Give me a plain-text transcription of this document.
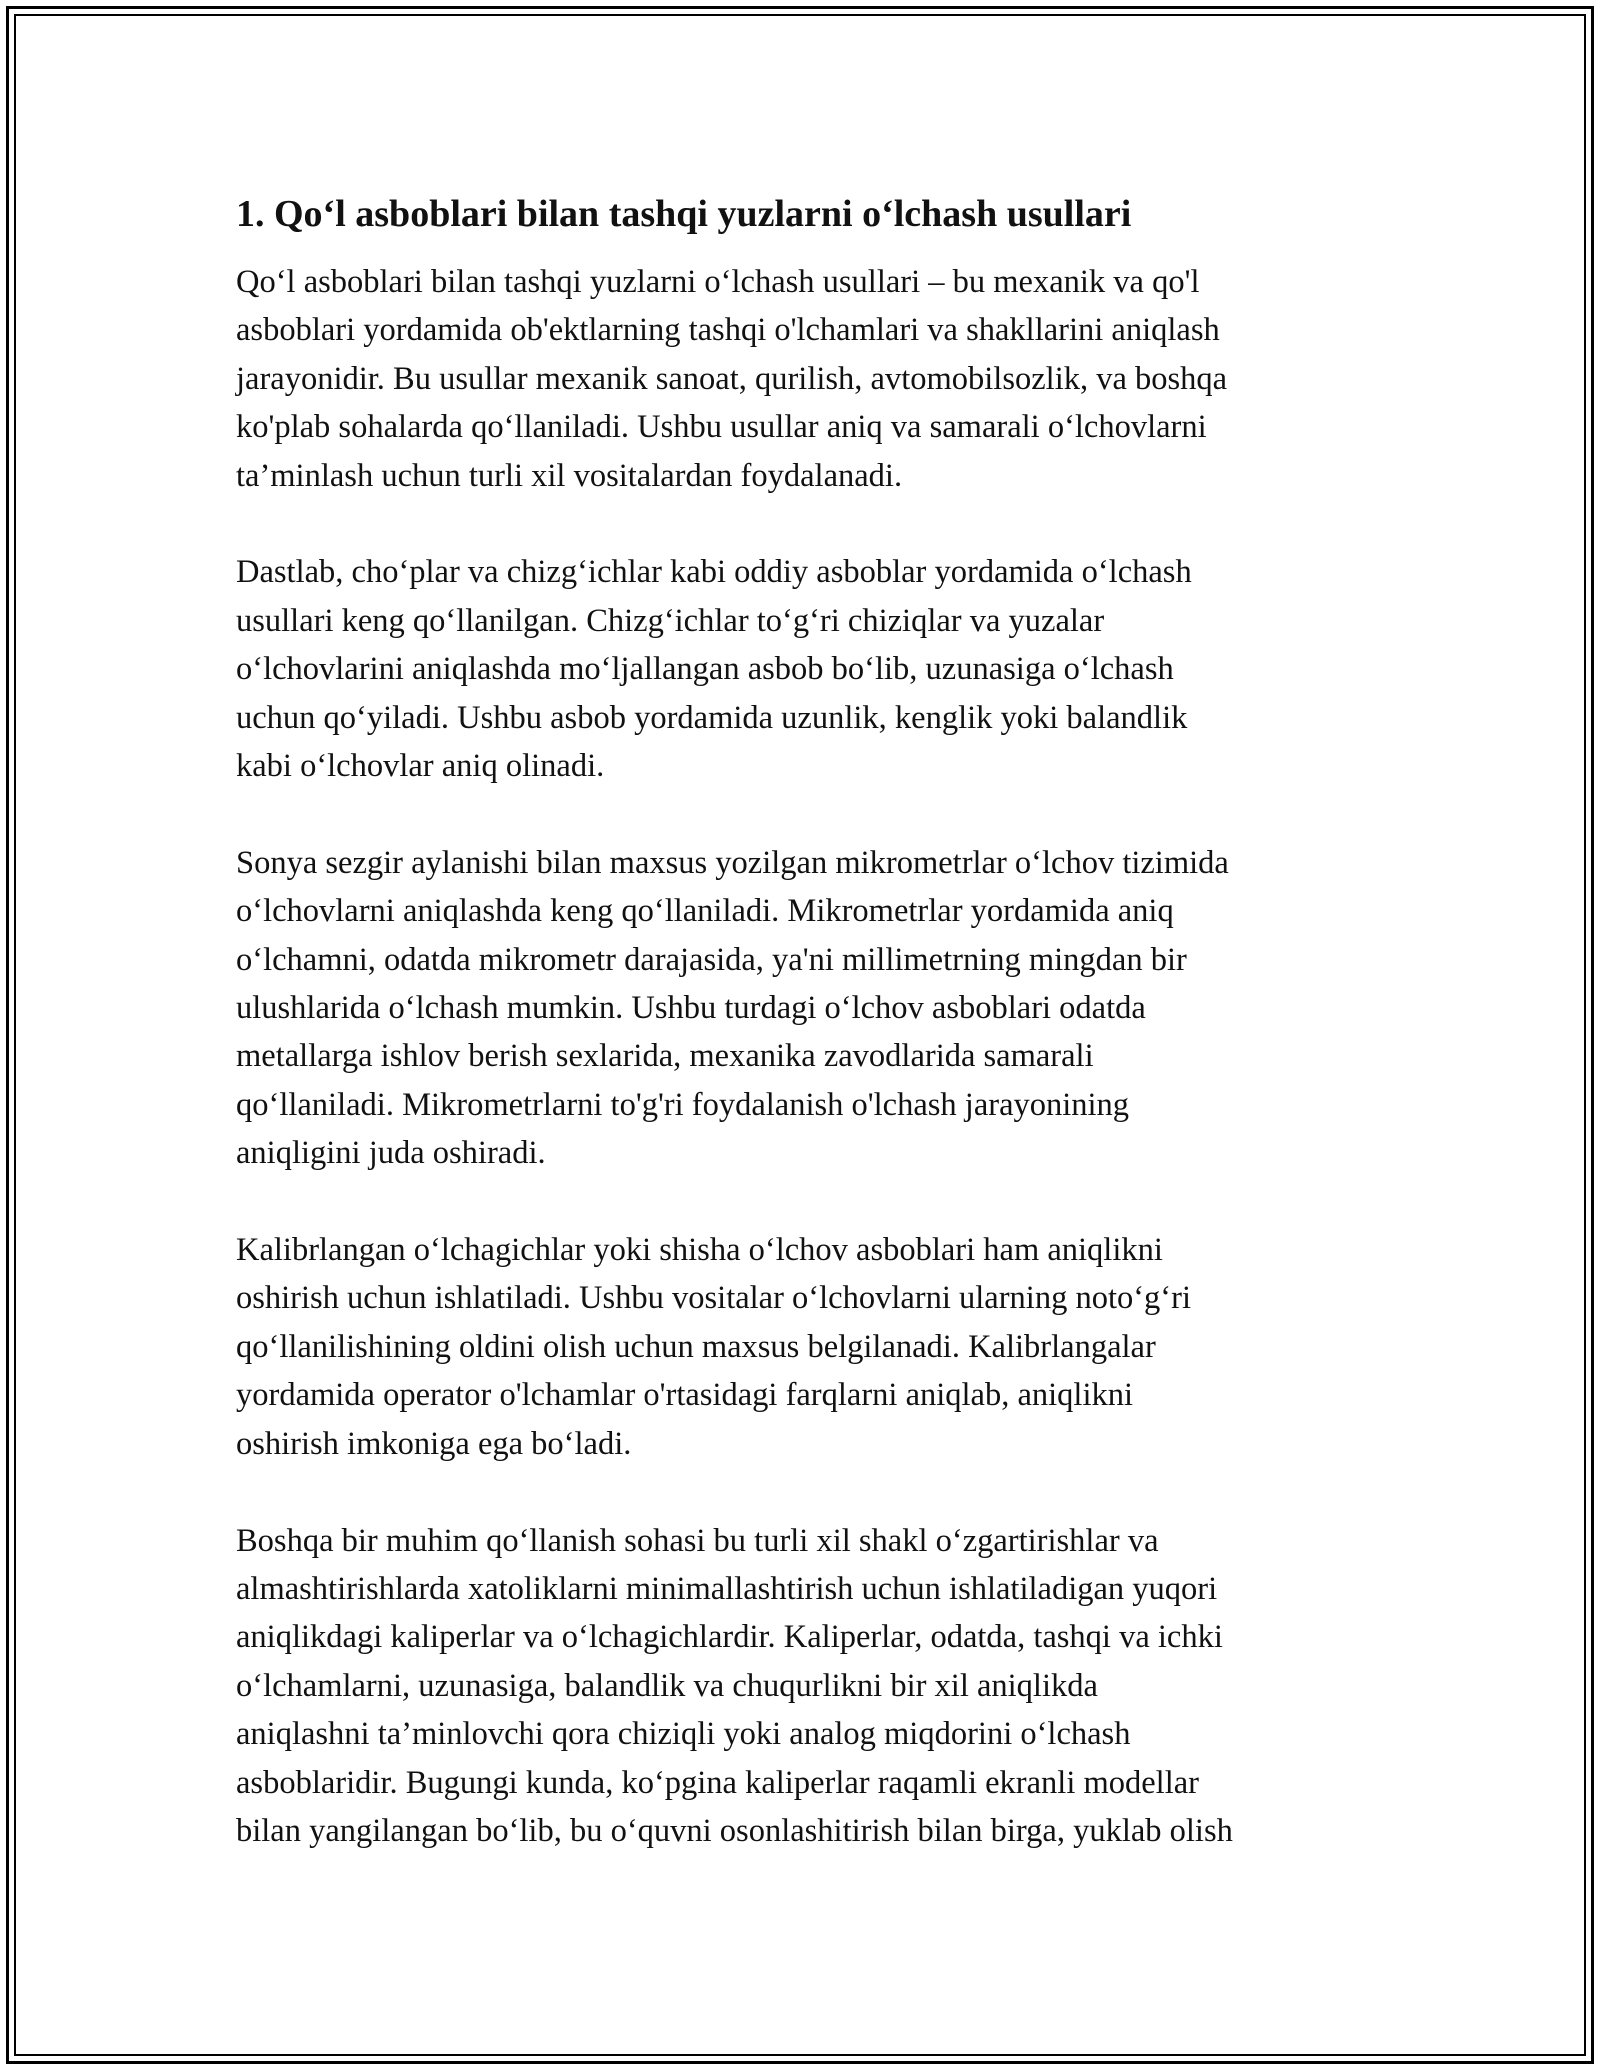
1. Qo‘l asboblari bilan tashqi yuzlarni o‘lchash usullari

Qo‘l asboblari bilan tashqi yuzlarni o‘lchash usullari – bu mexanik va qo'l
asboblari yordamida ob'ektlarning tashqi o'lchamlari va shakllarini aniqlash
jarayonidir. Bu usullar mexanik sanoat, qurilish, avtomobilsozlik, va boshqa
ko'plab sohalarda qo‘llaniladi. Ushbu usullar aniq va samarali o‘lchovlarni
ta’minlash uchun turli xil vositalardan foydalanadi.

Dastlab, cho‘plar va chizg‘ichlar kabi oddiy asboblar yordamida o‘lchash
usullari keng qo‘llanilgan. Chizg‘ichlar to‘g‘ri chiziqlar va yuzalar
o‘lchovlarini aniqlashda mo‘ljallangan asbob bo‘lib, uzunasiga o‘lchash
uchun qo‘yiladi. Ushbu asbob yordamida uzunlik, kenglik yoki balandlik
kabi o‘lchovlar aniq olinadi.

Sonya sezgir aylanishi bilan maxsus yozilgan mikrometrlar o‘lchov tizimida
o‘lchovlarni aniqlashda keng qo‘llaniladi. Mikrometrlar yordamida aniq
o‘lchamni, odatda mikrometr darajasida, ya'ni millimetrning mingdan bir
ulushlarida o‘lchash mumkin. Ushbu turdagi o‘lchov asboblari odatda
metallarga ishlov berish sexlarida, mexanika zavodlarida samarali
qo‘llaniladi. Mikrometrlarni to'g'ri foydalanish o'lchash jarayonining
aniqligini juda oshiradi.

Kalibrlangan o‘lchagichlar yoki shisha o‘lchov asboblari ham aniqlikni
oshirish uchun ishlatiladi. Ushbu vositalar o‘lchovlarni ularning noto‘g‘ri
qo‘llanilishining oldini olish uchun maxsus belgilanadi. Kalibrlangalar
yordamida operator o'lchamlar o'rtasidagi farqlarni aniqlab, aniqlikni
oshirish imkoniga ega bo‘ladi.

Boshqa bir muhim qo‘llanish sohasi bu turli xil shakl o‘zgartirishlar va
almashtirishlarda xatoliklarni minimallashtirish uchun ishlatiladigan yuqori
aniqlikdagi kaliperlar va o‘lchagichlardir. Kaliperlar, odatda, tashqi va ichki
o‘lchamlarni, uzunasiga, balandlik va chuqurlikni bir xil aniqlikda
aniqlashni ta’minlovchi qora chiziqli yoki analog miqdorini o‘lchash
asboblaridir. Bugungi kunda, ko‘pgina kaliperlar raqamli ekranli modellar
bilan yangilangan bo‘lib, bu o‘quvni osonlashitirish bilan birga, yuklab olish
